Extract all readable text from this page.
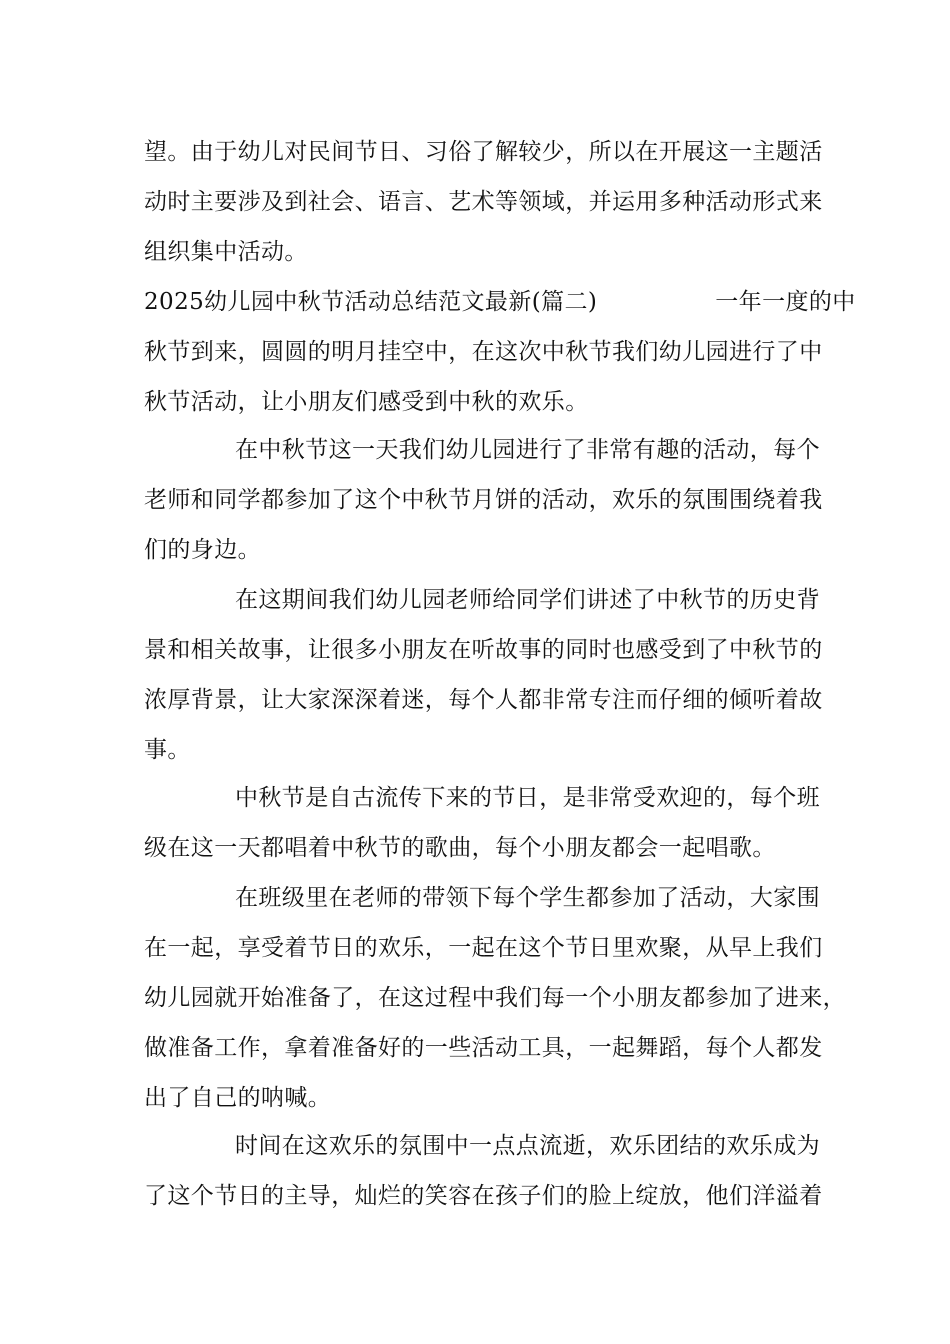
望。由于幼儿对民间节日、习俗了解较少，所以在开展这一主题活
动时主要涉及到社会、语言、艺术等领域，并运用多种活动形式来
组织集中活动。
2025幼儿园中秋节活动总结范文最新(篇二)	一年一度的中
秋节到来，圆圆的明月挂空中，在这次中秋节我们幼儿园进行了中
秋节活动，让小朋友们感受到中秋的欢乐。
在中秋节这一天我们幼儿园进行了非常有趣的活动，每个
老师和同学都参加了这个中秋节月饼的活动，欢乐的氛围围绕着我
们的身边。
在这期间我们幼儿园老师给同学们讲述了中秋节的历史背
景和相关故事，让很多小朋友在听故事的同时也感受到了中秋节的
浓厚背景，让大家深深着迷，每个人都非常专注而仔细的倾听着故
事。
中秋节是自古流传下来的节日，是非常受欢迎的，每个班
级在这一天都唱着中秋节的歌曲，每个小朋友都会一起唱歌。
在班级里在老师的带领下每个学生都参加了活动，大家围
在一起，享受着节日的欢乐，一起在这个节日里欢聚，从早上我们
幼儿园就开始准备了，在这过程中我们每一个小朋友都参加了进来，
做准备工作，拿着准备好的一些活动工具，一起舞蹈，每个人都发
出了自己的呐喊。
时间在这欢乐的氛围中一点点流逝，欢乐团结的欢乐成为
了这个节日的主导，灿烂的笑容在孩子们的脸上绽放，他们洋溢着
